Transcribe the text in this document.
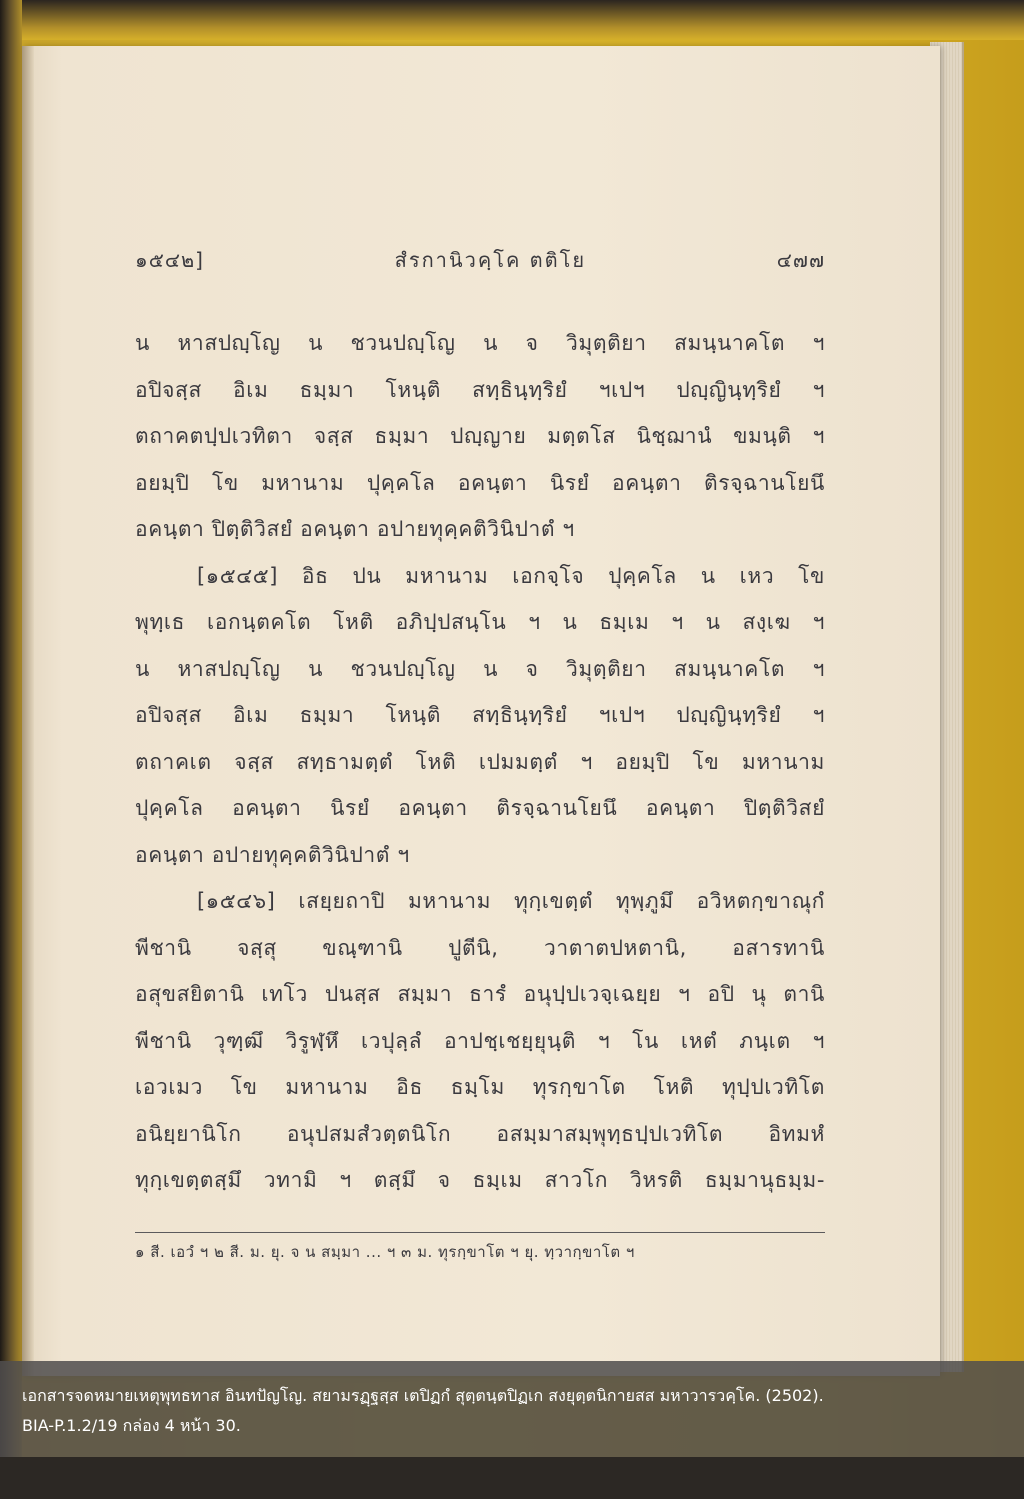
๑๕๔๒]	สํรกานิวคฺโค ตติโย	๔๗๗
น หาสปญฺโญ น ชวนปญฺโญ น จ วิมุตฺติยา สมนฺนาคโต ฯ
อปิจสฺส อิเม ธมฺมา โหนฺติ สทฺธินฺทฺริยํ ฯเปฯ ปญฺญินฺทฺริยํ ฯ
ตถาคตปฺปเวทิตา จสฺส ธมฺมา ปญฺญาย มตฺตโส นิชฺฌานํ ขมนฺติ ฯ
อยมฺปิ โข มหานาม ปุคฺคโล อคนฺตา นิรยํ อคนฺตา ติรจฺฉานโยนึ
อคนฺตา ปิตฺติวิสยํ อคนฺตา อปายทุคฺคติวินิปาตํ ฯ
[๑๕๔๕] อิธ ปน มหานาม เอกจฺโจ ปุคฺคโล น เหว โข
พุทฺเธ เอกนฺตคโต โหติ อภิปฺปสนฺโน ฯ น ธมฺเม ฯ น สงฺเฆ ฯ
น หาสปญฺโญ น ชวนปญฺโญ น จ วิมุตฺติยา สมนฺนาคโต ฯ
อปิจสฺส อิเม ธมฺมา โหนฺติ สทฺธินฺทฺริยํ ฯเปฯ ปญฺญินฺทฺริยํ ฯ
ตถาคเต จสฺส สทฺธามตฺตํ โหติ เปมมตฺตํ ฯ อยมฺปิ โข มหานาม
ปุคฺคโล อคนฺตา นิรยํ อคนฺตา ติรจฺฉานโยนึ อคนฺตา ปิตฺติวิสยํ
อคนฺตา อปายทุคฺคติวินิปาตํ ฯ
[๑๕๔๖] เสยฺยถาปิ มหานาม ทุกฺเขตฺตํ ทุพฺภูมึ อวิหตกฺขาณุกํ
พีชานิ จสฺสุ ขณฺฑานิ ปูตีนิ, วาตาตปหตานิ, อสารทานิ
อสุขสยิตานิ เทโว ปนสฺส สมฺมา ธารํ อนุปฺปเวจฺเฉยฺย ฯ อปิ นุ ตานิ
พีชานิ วุฑฺฒึ วิรูฬฺหึ เวปุลฺลํ อาปชฺเชยฺยุนฺติ ฯ โน เหตํ ภนฺเต ฯ
เอวเมว โข มหานาม อิธ ธมฺโม ทุรกฺขาโต โหติ ทุปฺปเวทิโต
อนิยฺยานิโก อนุปสมสํวตฺตนิโก อสมฺมาสมฺพุทฺธปฺปเวทิโต อิทมหํ
ทุกฺเขตฺตสฺมึ วทามิ ฯ ตสฺมึ จ ธมฺเม สาวโก วิหรติ ธมฺมานุธมฺม-
๑ สี. เอวํ ฯ ๒ สี. ม. ยุ. จ น สมฺมา ... ฯ ๓ ม. ทุรกฺขาโต ฯ ยุ. ทฺวากฺขาโต ฯ
เอกสารจดหมายเหตุพุทธทาส อินทปัญโญ. สยามรฏฺฐสฺส เตปิฏกํ สุตฺตนฺตปิฏเก สงยุตฺตนิกายสส มหาวารวคฺโค. (2502).
BIA-P.1.2/19 กล่อง 4 หน้า 30.
